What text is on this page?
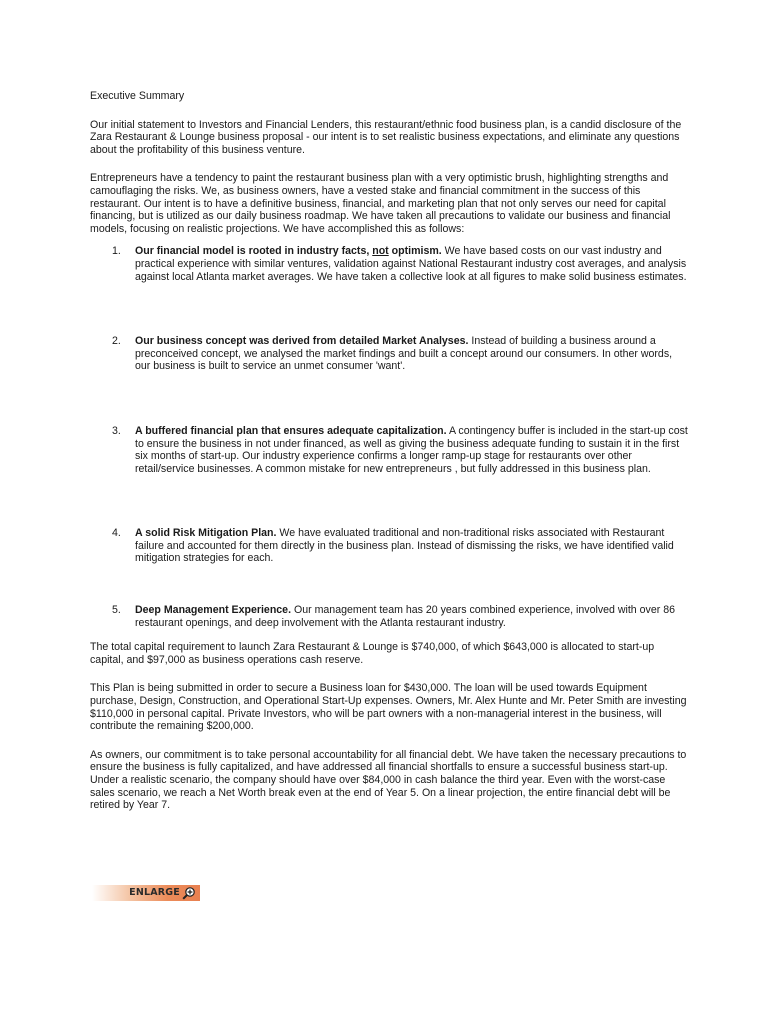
Executive Summary

Our initial statement to Investors and Financial Lenders, this restaurant/ethnic food business plan, is a candid disclosure of the Zara Restaurant & Lounge business proposal - our intent is to set realistic business expectations, and eliminate any questions about the profitability of this business venture.

Entrepreneurs have a tendency to paint the restaurant business plan with a very optimistic brush, highlighting strengths and camouflaging the risks. We, as business owners, have a vested stake and financial commitment in the success of this restaurant. Our intent is to have a definitive business, financial, and marketing plan that not only serves our need for capital financing, but is utilized as our daily business roadmap. We have taken all precautions to validate our business and financial models, focusing on realistic projections. We have accomplished this as follows:

1. Our financial model is rooted in industry facts, not optimism. We have based costs on our vast industry and practical experience with similar ventures, validation against National Restaurant industry cost averages, and analysis against local Atlanta market averages. We have taken a collective look at all figures to make solid business estimates.
2. Our business concept was derived from detailed Market Analyses. Instead of building a business around a preconceived concept, we analysed the market findings and built a concept around our consumers. In other words, our business is built to service an unmet consumer 'want'.
3. A buffered financial plan that ensures adequate capitalization. A contingency buffer is included in the start-up cost to ensure the business in not under financed, as well as giving the business adequate funding to sustain it in the first six months of start-up. Our industry experience confirms a longer ramp-up stage for restaurants over other retail/service businesses. A common mistake for new entrepreneurs , but fully addressed in this business plan.
4. A solid Risk Mitigation Plan. We have evaluated traditional and non-traditional risks associated with Restaurant failure and accounted for them directly in the business plan. Instead of dismissing the risks, we have identified valid mitigation strategies for each.
5. Deep Management Experience. Our management team has 20 years combined experience, involved with over 86 restaurant openings, and deep involvement with the Atlanta restaurant industry.

The total capital requirement to launch Zara Restaurant & Lounge is $740,000, of which $643,000 is allocated to start-up capital, and $97,000 as business operations cash reserve.

This Plan is being submitted in order to secure a Business loan for $430,000. The loan will be used towards Equipment purchase, Design, Construction, and Operational Start-Up expenses. Owners, Mr. Alex Hunte and Mr. Peter Smith are investing $110,000 in personal capital. Private Investors, who will be part owners with a non-managerial interest in the business, will contribute the remaining $200,000.

As owners, our commitment is to take personal accountability for all financial debt. We have taken the necessary precautions to ensure the business is fully capitalized, and have addressed all financial shortfalls to ensure a successful business start-up. Under a realistic scenario, the company should have over $84,000 in cash balance the third year. Even with the worst-case sales scenario, we reach a Net Worth break even at the end of Year 5. On a linear projection, the entire financial debt will be retired by Year 7.

ENLARGE
